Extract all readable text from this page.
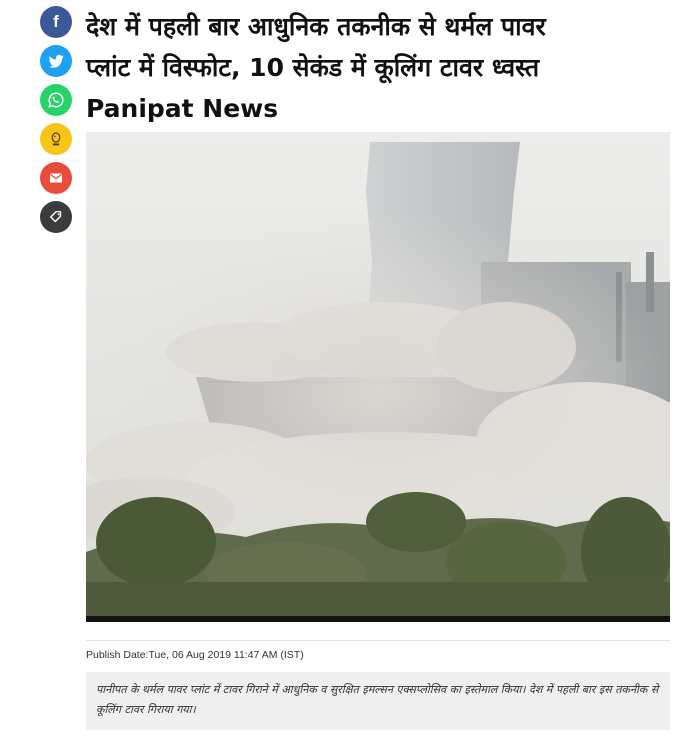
f देश में पहली बार आधुनिक तकनीक से थर्मल पावर
प्लांट में विस्फोट, 10 सेकंड में कूलिंग टावर ध्वस्त
Panipat News
Publish Date:Tue, 06 Aug 2019 11:47 AM (IST)
पानीपत के थर्मल पावर प्लांट में टावर गिराने में आधुनिक व सुरक्षित इमल्सन एक्सप्लोसिव का इस्तेमाल किया। देश में पहली बार इस तकनीक से कूलिंग टावर गिराया गया।
